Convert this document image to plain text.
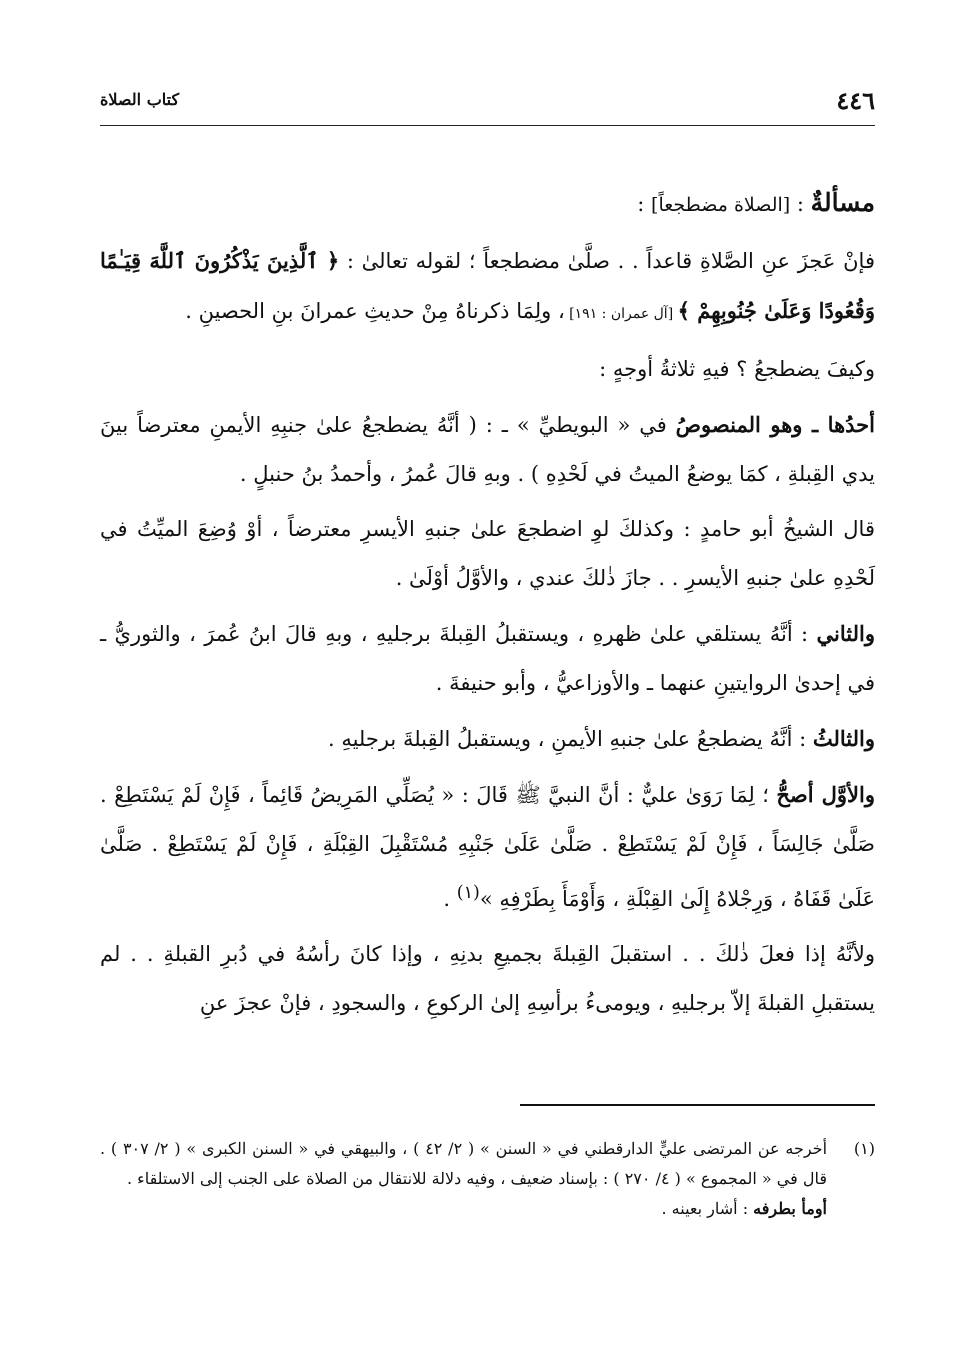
٤٤٦
كتاب الصلاة

مسألةٌ : [الصلاة مضطجعاً] :

فإنْ عَجزَ عنِ الصَّلاةِ قاعداً . . صلَّىٰ مضطجعاً ؛ لقوله تعالىٰ : ﴿ ٱلَّذِينَ يَذْكُرُونَ ٱللَّهَ قِيَـٰمًا وَقُعُودًا وَعَلَىٰ جُنُوبِهِمْ ﴾ [آل عمران : ١٩١] ، ولِمَا ذكرناهُ مِنْ حديثِ عمرانَ بنِ الحصينِ .

وكيفَ يضطجعُ ؟ فيهِ ثلاثةُ أوجهٍ :

أحدُها ـ وهو المنصوصُ في « البويطيِّ » ـ : ( أنَّهُ يضطجعُ علىٰ جنبِهِ الأيمنِ معترضاً بينَ يدي القِبلةِ ، كمَا يوضعُ الميتُ في لَحْدِهِ ) . وبهِ قالَ عُمرُ ، وأحمدُ بنُ حنبلٍ .

قال الشيخُ أبو حامدٍ : وكذلكَ لوِ اضطجعَ علىٰ جنبهِ الأيسرِ معترضاً ، أوْ وُضِعَ الميِّتُ في لَحْدِهِ علىٰ جنبهِ الأيسرِ . . جازَ ذٰلكَ عندي ، والأوَّلُ أوْلَىٰ .

والثاني : أنَّهُ يستلقي علىٰ ظهرهِ ، ويستقبلُ القِبلةَ برجليهِ ، وبهِ قالَ ابنُ عُمرَ ، والثوريُّ ـ في إحدىٰ الروايتينِ عنهما ـ والأوزاعيُّ ، وأبو حنيفةَ .

والثالثُ : أنَّهُ يضطجعُ علىٰ جنبهِ الأيمنِ ، ويستقبلُ القِبلةَ برجليهِ .

والأوَّل أصحُّ ؛ لِمَا رَوَىٰ عليٌّ : أنَّ النبيَّ ﷺ قَالَ : « يُصَلِّي المَرِيضُ قَائِماً ، فَإِنْ لَمْ يَسْتَطِعْ . صَلَّىٰ جَالِسَاً ، فَإِنْ لَمْ يَسْتَطِعْ . صَلَّىٰ عَلَىٰ جَنْبِهِ مُسْتَقْبِلَ القِبْلَةِ ، فَإِنْ لَمْ يَسْتَطِعْ . صَلَّىٰ عَلَىٰ قَفَاهُ ، وَرِجْلاهُ إِلَىٰ القِبْلَةِ ، وَأَوْمَأَ بِطَرْفِهِ »$^{(١)}$ .

ولأنَّهُ إذا فعلَ ذٰلكَ . . استقبلَ القِبلةَ بجميعِ بدنِهِ ، وإذا كانَ رأسُهُ في دُبرِ القبلةِ . . لم يستقبلِ القبلةَ إلاّ برجليهِ ، ويومىءُ برأسِهِ إلىٰ الركوعِ ، والسجودِ ، فإنْ عجزَ عنِ

(١)

أخرجه عن المرتضى عليٍّ الدارقطني في « السنن » ( ٢/ ٤٢ ) ، والبيهقي في « السنن الكبرى » ( ٢/ ٣٠٧ ) . قال في « المجموع » ( ٤/ ٢٧٠ ) : بإسناد ضعيف ، وفيه دلالة للانتقال من الصلاة على الجنب إلى الاستلقاء .

أومأ بطرفه : أشار بعينه .
